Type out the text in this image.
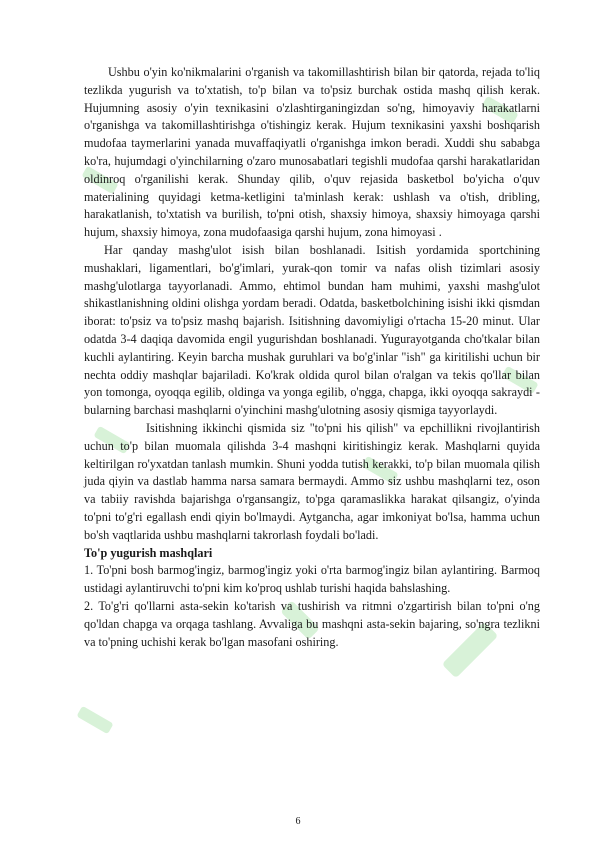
Ushbu o'yin ko'nikmalarini o'rganish va takomillashtirish bilan bir qatorda, rejada to'liq tezlikda yugurish va to'xtatish, to'p bilan va to'psiz burchak ostida mashq qilish kerak. Hujumning asosiy o'yin texnikasini o'zlashtirganingizdan so'ng, himoyaviy harakatlarni o'rganishga va takomillashtirishga o'tishingiz kerak. Hujum texnikasini yaxshi boshqarish mudofaa taymerlarini yanada muvaffaqiyatli o'rganishga imkon beradi. Xuddi shu sababga ko'ra, hujumdagi o'yinchilarning o'zaro munosabatlari tegishli mudofaa qarshi harakatlaridan oldinroq o'rganilishi kerak. Shunday qilib, o'quv rejasida basketbol bo'yicha o'quv materialining quyidagi ketma-ketligini ta'minlash kerak: ushlash va o'tish, dribling, harakatlanish, to'xtatish va burilish, to'pni otish, shaxsiy himoya, shaxsiy himoyaga qarshi hujum, shaxsiy himoya, zona mudofaasiga qarshi hujum, zona himoyasi .

Har qanday mashg'ulot isish bilan boshlanadi. Isitish yordamida sportchining mushaklari, ligamentlari, bo'g'imlari, yurak-qon tomir va nafas olish tizimlari asosiy mashg'ulotlarga tayyorlanadi. Ammo, ehtimol bundan ham muhimi, yaxshi mashg'ulot shikastlanishning oldini olishga yordam beradi. Odatda, basketbolchining isishi ikki qismdan iborat: to'psiz va to'psiz mashq bajarish. Isitishning davomiyligi o'rtacha 15-20 minut. Ular odatda 3-4 daqiqa davomida engil yugurishdan boshlanadi. Yugurayotganda cho'tkalar bilan kuchli aylantiring. Keyin barcha mushak guruhlari va bo'g'inlar "ish" ga kiritilishi uchun bir nechta oddiy mashqlar bajariladi. Ko'krak oldida qurol bilan o'ralgan va tekis qo'llar bilan yon tomonga, oyoqqa egilib, oldinga va yonga egilib, o'ngga, chapga, ikki oyoqqa sakraydi - bularning barchasi mashqlarni o'yinchini mashg'ulotning asosiy qismiga tayyorlaydi.

Isitishning ikkinchi qismida siz "to'pni his qilish" va epchillikni rivojlantirish uchun to'p bilan muomala qilishda 3-4 mashqni kiritishingiz kerak. Mashqlarni quyida keltirilgan ro'yxatdan tanlash mumkin. Shuni yodda tutish kerakki, to'p bilan muomala qilish juda qiyin va dastlab hamma narsa samara bermaydi. Ammo siz ushbu mashqlarni tez, oson va tabiiy ravishda bajarishga o'rgansangiz, to'pga qaramaslikka harakat qilsangiz, o'yinda to'pni to'g'ri egallash endi qiyin bo'lmaydi. Aytgancha, agar imkoniyat bo'lsa, hamma uchun bo'sh vaqtlarida ushbu mashqlarni takrorlash foydali bo'ladi.

To'p yugurish mashqlari

1. To'pni bosh barmog'ingiz, barmog'ingiz yoki o'rta barmog'ingiz bilan aylantiring. Barmoq ustidagi aylantiruvchi to'pni kim ko'proq ushlab turishi haqida bahslashing.

2. To'g'ri qo'llarni asta-sekin ko'tarish va tushirish va ritmni o'zgartirish bilan to'pni o'ng qo'ldan chapga va orqaga tashlang. Avvaliga bu mashqni asta-sekin bajaring, so'ngra tezlikni va to'pning uchishi kerak bo'lgan masofani oshiring.

6
